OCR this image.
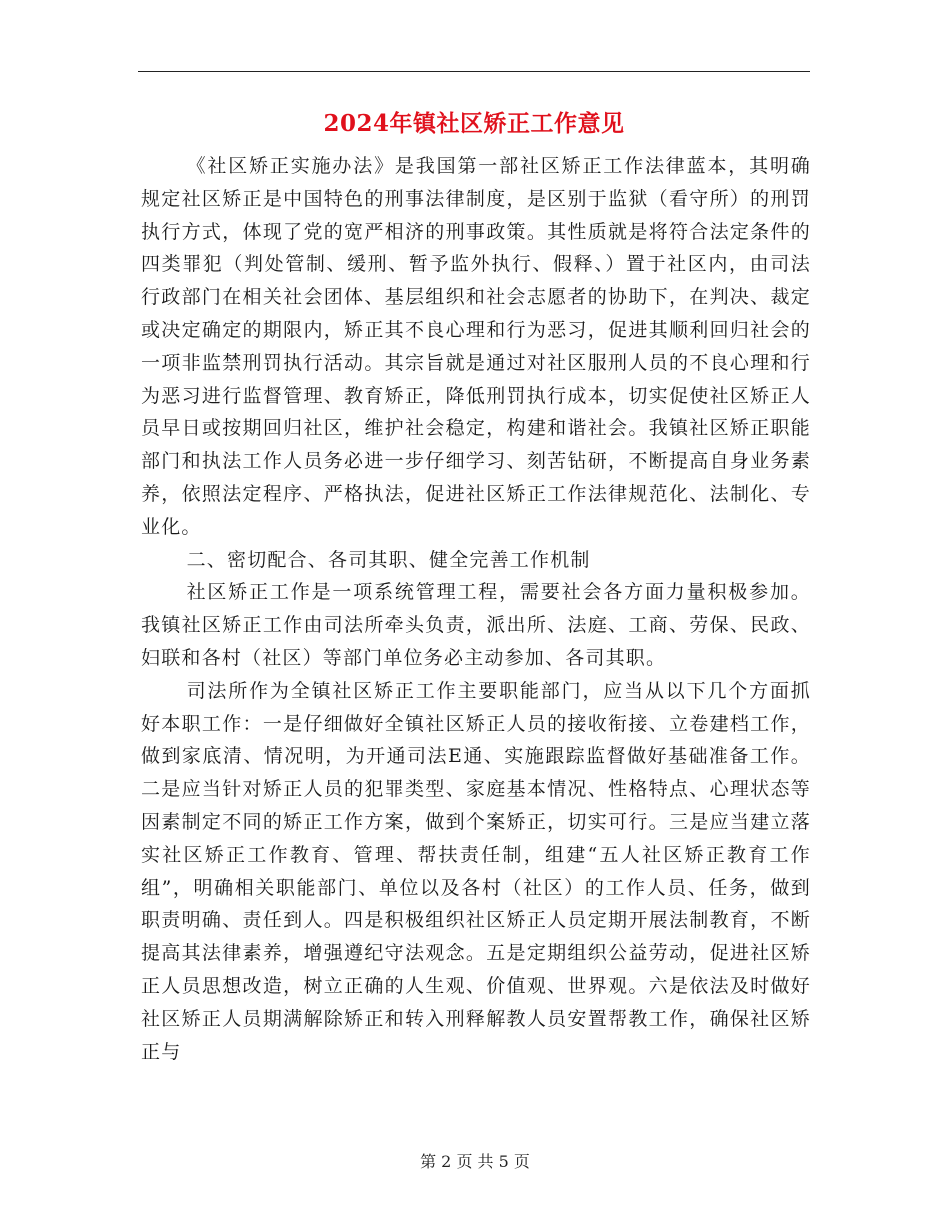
2024年镇社区矫正工作意见

《社区矫正实施办法》是我国第一部社区矫正工作法律蓝本，其明确规定社区矫正是中国特色的刑事法律制度，是区别于监狱（看守所）的刑罚执行方式，体现了党的宽严相济的刑事政策。其性质就是将符合法定条件的四类罪犯（判处管制、缓刑、暂予监外执行、假释、）置于社区内，由司法行政部门在相关社会团体、基层组织和社会志愿者的协助下，在判决、裁定或决定确定的期限内，矫正其不良心理和行为恶习，促进其顺利回归社会的一项非监禁刑罚执行活动。其宗旨就是通过对社区服刑人员的不良心理和行为恶习进行监督管理、教育矫正，降低刑罚执行成本，切实促使社区矫正人员早日或按期回归社区，维护社会稳定，构建和谐社会。我镇社区矫正职能部门和执法工作人员务必进一步仔细学习、刻苦钻研，不断提高自身业务素养，依照法定程序、严格执法，促进社区矫正工作法律规范化、法制化、专业化。

二、密切配合、各司其职、健全完善工作机制

社区矫正工作是一项系统管理工程，需要社会各方面力量积极参加。我镇社区矫正工作由司法所牵头负责，派出所、法庭、工商、劳保、民政、妇联和各村（社区）等部门单位务必主动参加、各司其职。

司法所作为全镇社区矫正工作主要职能部门，应当从以下几个方面抓好本职工作：一是仔细做好全镇社区矫正人员的接收衔接、立卷建档工作，做到家底清、情况明，为开通司法E通、实施跟踪监督做好基础准备工作。二是应当针对矫正人员的犯罪类型、家庭基本情况、性格特点、心理状态等因素制定不同的矫正工作方案，做到个案矫正，切实可行。三是应当建立落实社区矫正工作教育、管理、帮扶责任制，组建“五人社区矫正教育工作组”，明确相关职能部门、单位以及各村（社区）的工作人员、任务，做到职责明确、责任到人。四是积极组织社区矫正人员定期开展法制教育，不断提高其法律素养，增强遵纪守法观念。五是定期组织公益劳动，促进社区矫正人员思想改造，树立正确的人生观、价值观、世界观。六是依法及时做好社区矫正人员期满解除矫正和转入刑释解教人员安置帮教工作，确保社区矫正与

第 2 页 共 5 页
